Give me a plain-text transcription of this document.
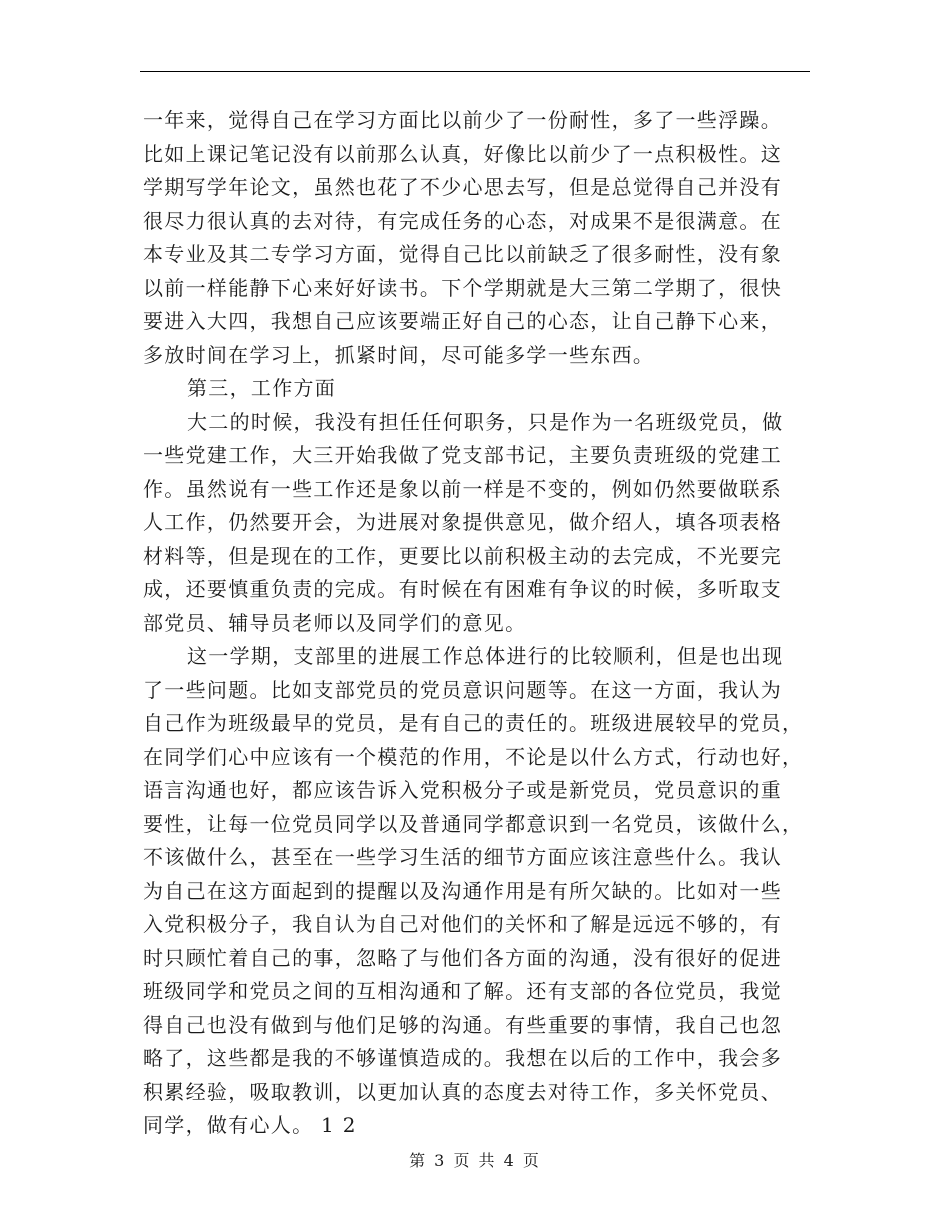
一年来，觉得自己在学习方面比以前少了一份耐性，多了一些浮躁。
比如上课记笔记没有以前那么认真，好像比以前少了一点积极性。这
学期写学年论文，虽然也花了不少心思去写，但是总觉得自己并没有
很尽力很认真的去对待，有完成任务的心态，对成果不是很满意。在
本专业及其二专学习方面，觉得自己比以前缺乏了很多耐性，没有象
以前一样能静下心来好好读书。下个学期就是大三第二学期了，很快
要进入大四，我想自己应该要端正好自己的心态，让自己静下心来，
多放时间在学习上，抓紧时间，尽可能多学一些东西。
第三，工作方面
大二的时候，我没有担任任何职务，只是作为一名班级党员，做
一些党建工作，大三开始我做了党支部书记，主要负责班级的党建工
作。虽然说有一些工作还是象以前一样是不变的，例如仍然要做联系
人工作，仍然要开会，为进展对象提供意见，做介绍人，填各项表格
材料等，但是现在的工作，更要比以前积极主动的去完成，不光要完
成，还要慎重负责的完成。有时候在有困难有争议的时候，多听取支
部党员、辅导员老师以及同学们的意见。
这一学期，支部里的进展工作总体进行的比较顺利，但是也出现
了一些问题。比如支部党员的党员意识问题等。在这一方面，我认为
自己作为班级最早的党员，是有自己的责任的。班级进展较早的党员，
在同学们心中应该有一个模范的作用，不论是以什么方式，行动也好，
语言沟通也好，都应该告诉入党积极分子或是新党员，党员意识的重
要性，让每一位党员同学以及普通同学都意识到一名党员，该做什么，
不该做什么，甚至在一些学习生活的细节方面应该注意些什么。我认
为自己在这方面起到的提醒以及沟通作用是有所欠缺的。比如对一些
入党积极分子，我自认为自己对他们的关怀和了解是远远不够的，有
时只顾忙着自己的事，忽略了与他们各方面的沟通，没有很好的促进
班级同学和党员之间的互相沟通和了解。还有支部的各位党员，我觉
得自己也没有做到与他们足够的沟通。有些重要的事情，我自己也忽
略了，这些都是我的不够谨慎造成的。我想在以后的工作中，我会多
积累经验，吸取教训，以更加认真的态度去对待工作，多关怀党员、
同学，做有心人。 1 2
第 3 页 共 4 页
